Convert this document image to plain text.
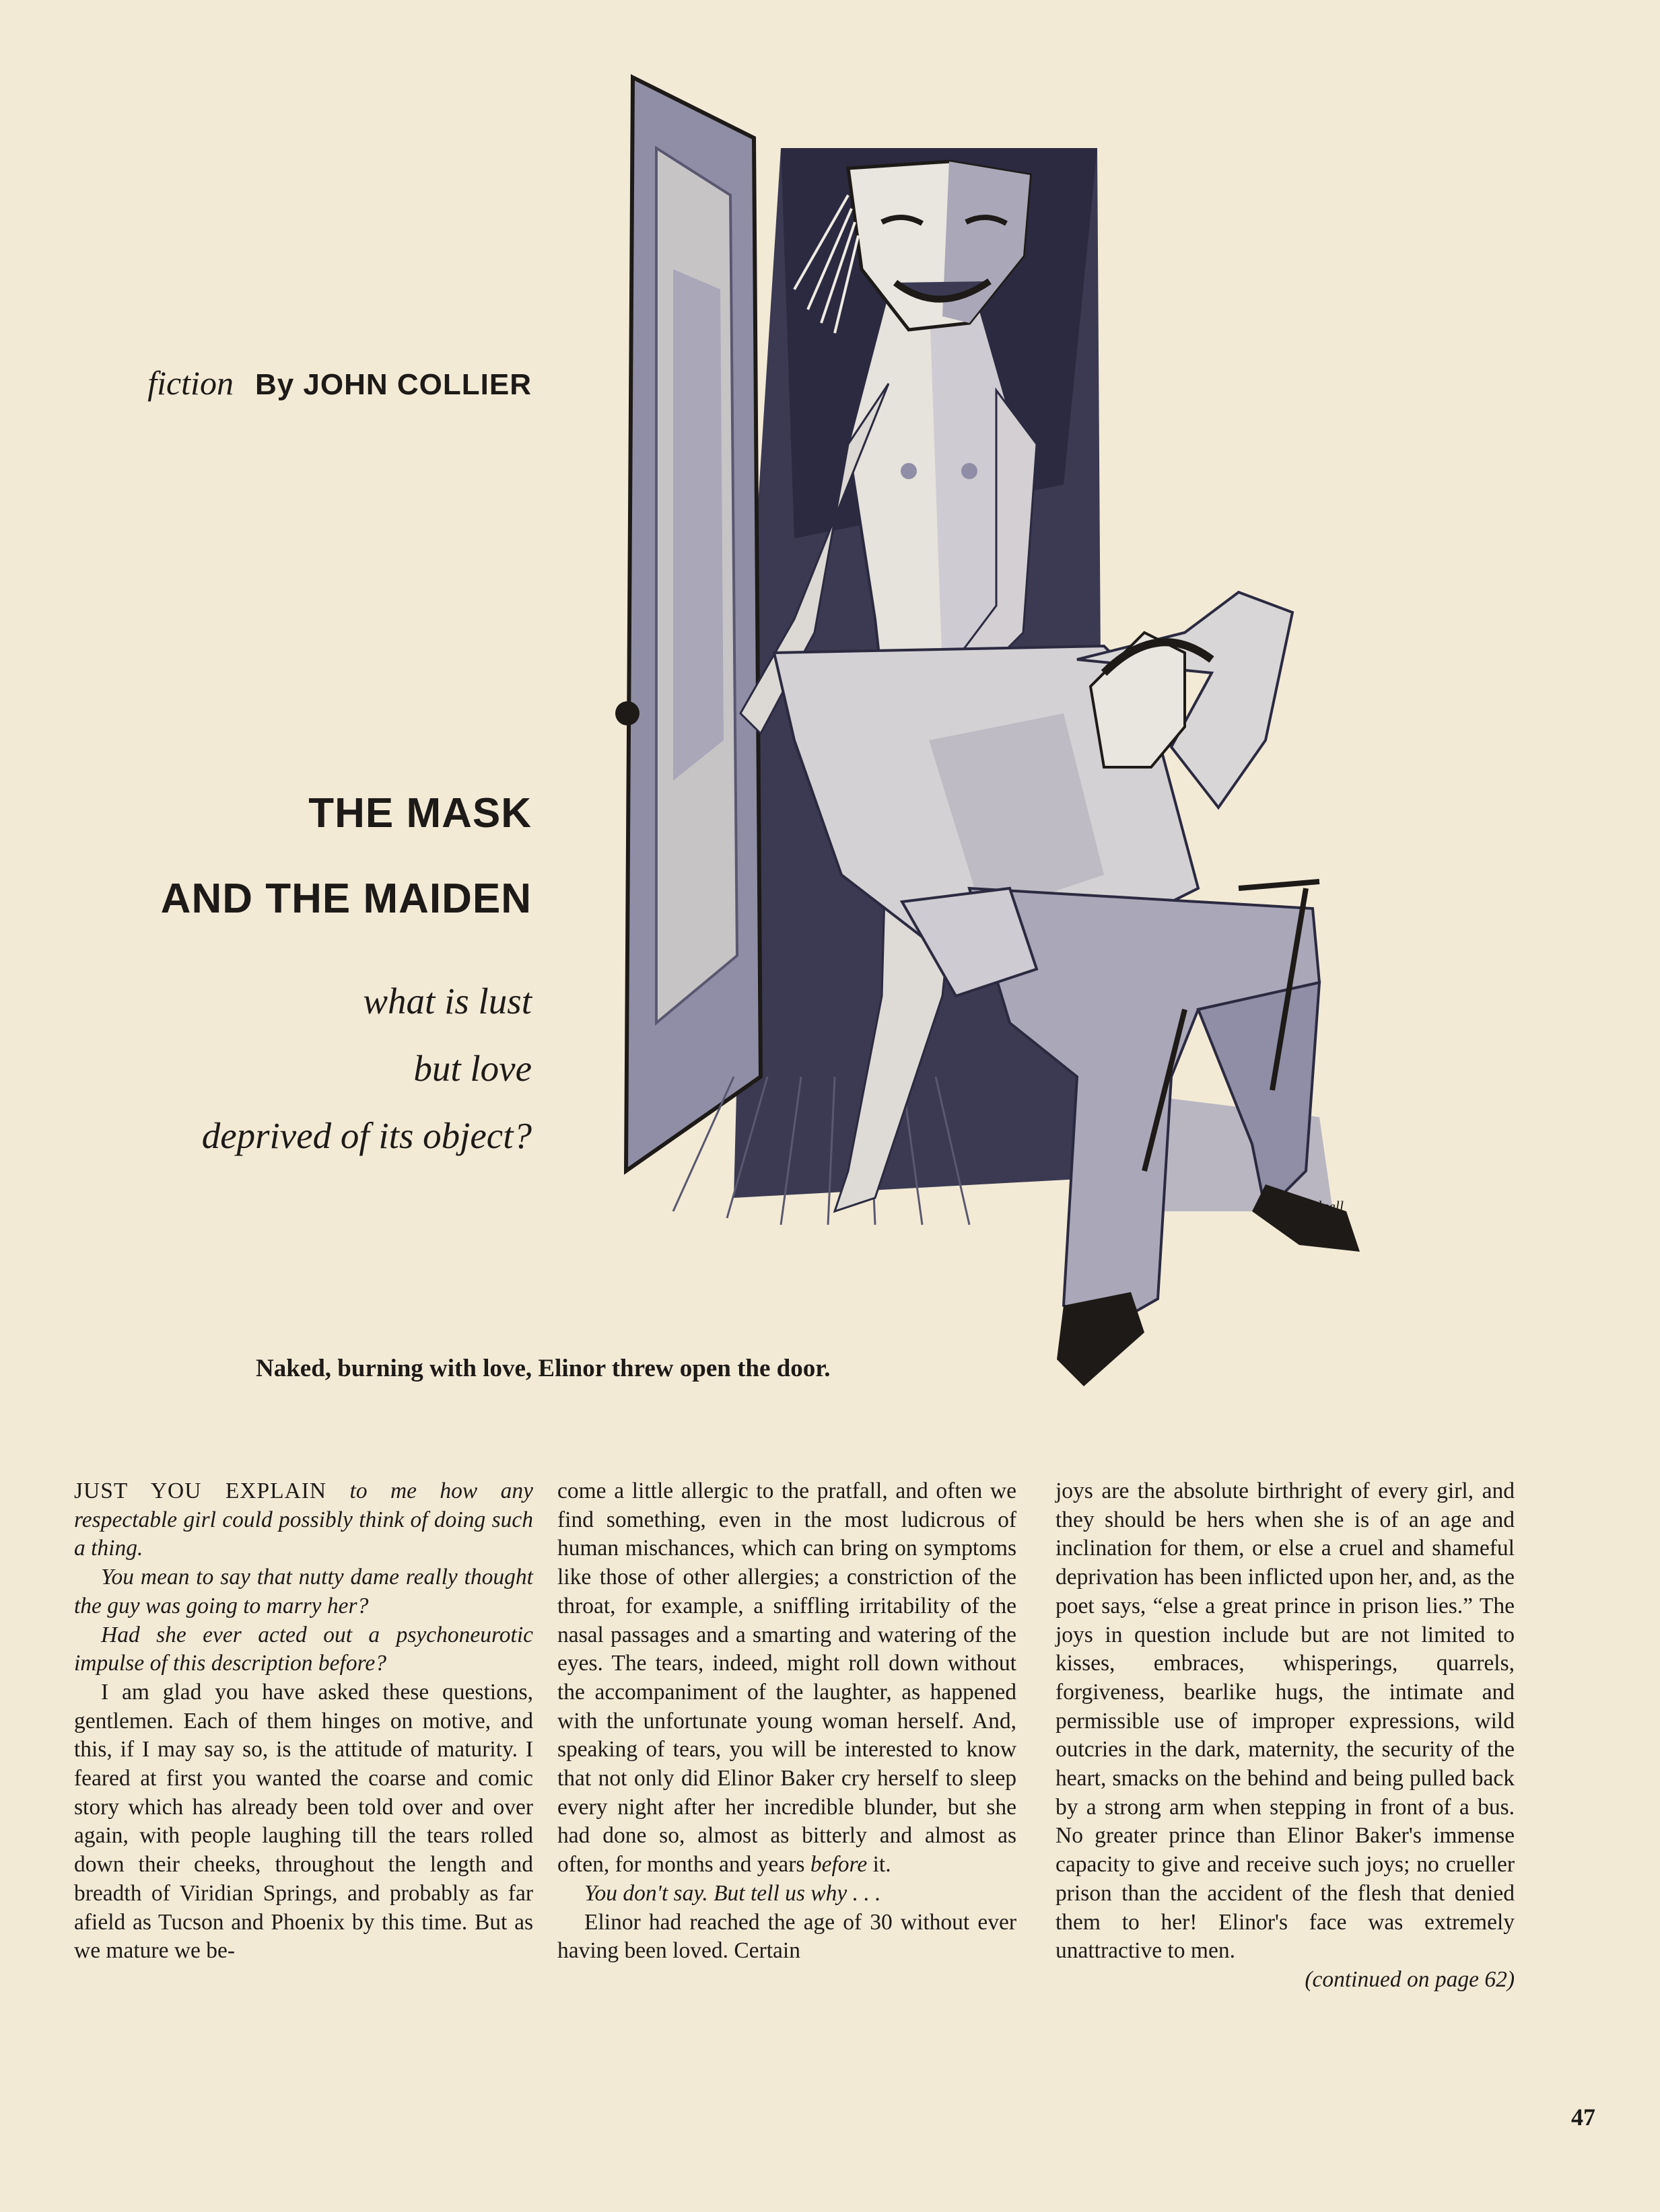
fiction By JOHN COLLIER
THE MASK
AND THE MAIDEN
what is lust
but love
deprived of its object?
hodgell
Naked, burning with love, Elinor threw open the door.

JUST YOU EXPLAIN to me how any respectable girl could possibly think of doing such a thing.

You mean to say that nutty dame really thought the guy was going to marry her?

Had she ever acted out a psychoneurotic impulse of this description before?

I am glad you have asked these questions, gentlemen. Each of them hinges on motive, and this, if I may say so, is the attitude of maturity. I feared at first you wanted the coarse and comic story which has already been told over and over again, with people laughing till the tears rolled down their cheeks, throughout the length and breadth of Viridian Springs, and probably as far afield as Tucson and Phoenix by this time. But as we mature we be-

come a little allergic to the pratfall, and often we find something, even in the most ludicrous of human mischances, which can bring on symptoms like those of other allergies; a constriction of the throat, for example, a sniffling irritability of the nasal passages and a smarting and watering of the eyes. The tears, indeed, might roll down without the accompaniment of the laughter, as happened with the unfortunate young woman herself. And, speaking of tears, you will be interested to know that not only did Elinor Baker cry herself to sleep every night after her incredible blunder, but she had done so, almost as bitterly and almost as often, for months and years before it.

You don't say. But tell us why . . .

Elinor had reached the age of 30 without ever having been loved. Certain

joys are the absolute birthright of every girl, and they should be hers when she is of an age and inclination for them, or else a cruel and shameful deprivation has been inflicted upon her, and, as the poet says, “else a great prince in prison lies.” The joys in question include but are not limited to kisses, embraces, whisperings, quarrels, forgiveness, bearlike hugs, the intimate and permissible use of improper expressions, wild outcries in the dark, maternity, the security of the heart, smacks on the behind and being pulled back by a strong arm when stepping in front of a bus. No greater prince than Elinor Baker's immense capacity to give and receive such joys; no crueller prison than the accident of the flesh that denied them to her! Elinor's face was extremely unattractive to men.

(continued on page 62)

47
